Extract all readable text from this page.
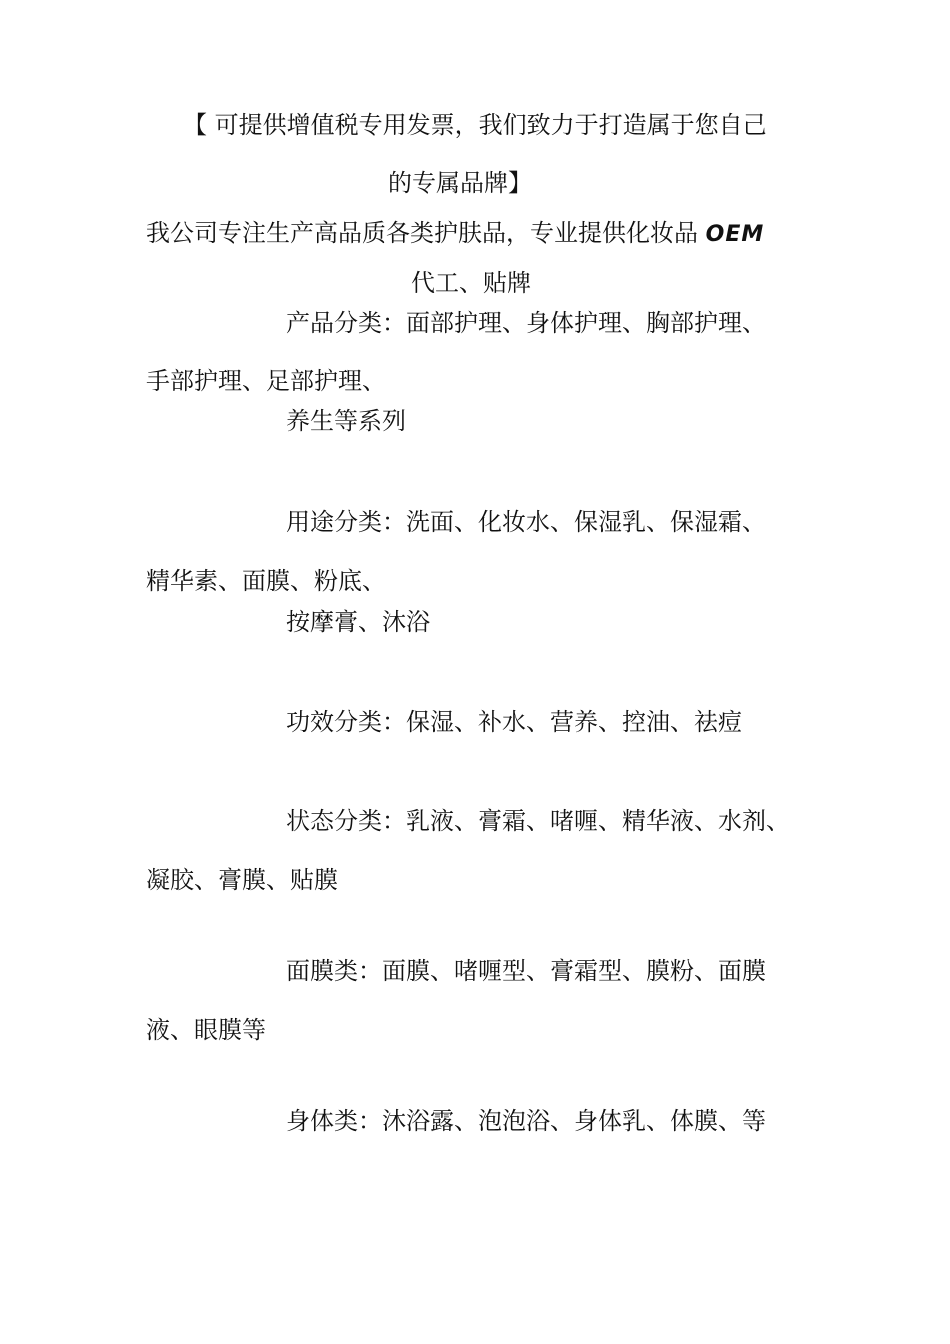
【 可提供增值税专用发票，我们致力于打造属于您自己
的专属品牌】
我公司专注生产高品质各类护肤品，专业提供化妆品 OEM
代工、贴牌
产品分类：面部护理、身体护理、胸部护理、
手部护理、足部护理、
养生等系列
用途分类：洗面、化妆水、保湿乳、保湿霜、
精华素、面膜、粉底、
按摩膏、沐浴
功效分类：保湿、补水、营养、控油、祛痘
状态分类：乳液、膏霜、啫喱、精华液、水剂、
凝胶、膏膜、贴膜
面膜类：面膜、啫喱型、膏霜型、膜粉、面膜
液、眼膜等
身体类：沐浴露、泡泡浴、身体乳、体膜、等
